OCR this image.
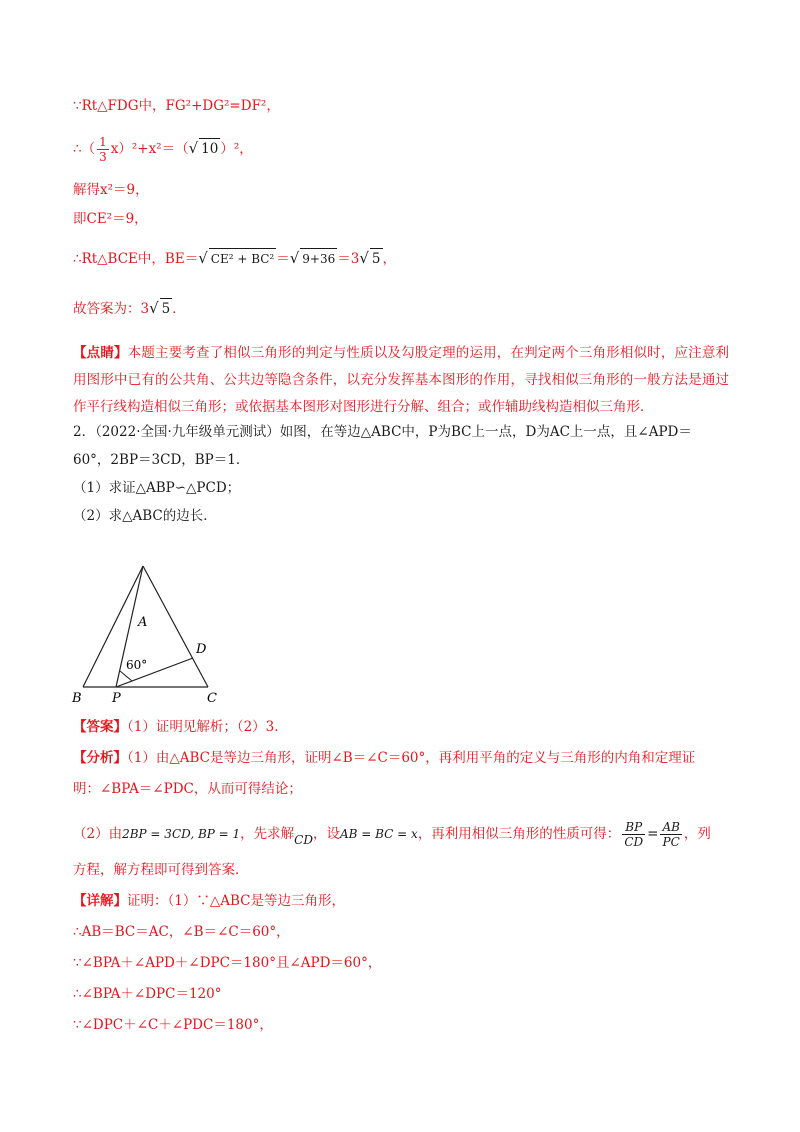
∵Rt△FDG中，FG²+DG²=DF²，
∴（ $\frac{1}{3} x)^2+x^2=(√$ 10 ）²，
解得x²＝9，
即CE²＝9，
∴Rt△BCE中，BE＝√ CE² + BC² ＝√ 9+36 ＝3√ 5 ，
故答案为：3√ 5 ．
【点睛】本题主要考查了相似三角形的判定与性质以及勾股定理的运用，在判定两个三角形相似时，应注意利用图形中已有的公共角、公共边等隐含条件，以充分发挥基本图形的作用，寻找相似三角形的一般方法是通过作平行线构造相似三角形；或依据基本图形对图形进行分解、组合；或作辅助线构造相似三角形．
2．（2022·全国·九年级单元测试）如图，在等边△ABC中，P为BC上一点，D为AC上一点，且∠APD＝
60°，2BP＝3CD，BP＝1．
（1）求证△ABP∽△PCD；
（2）求△ABC的边长．
A
B	C
P
D
60°
【答案】（1）证明见解析；（2）3.
【分析】（1）由△ABC是等边三角形，证明∠B＝∠C＝60°，再利用平角的定义与三角形的内角和定理证
明：∠BPA＝∠PDC，从而可得结论；
（2）由2BP = 3CD, BP = 1，先求解CD，设AB = BC = x，再利用相似三角形的性质可得： $\frac{BP}{CD} = \frac{AB}{PC}$ ，列
方程，解方程即可得到答案．
【详解】证明：（1）∵△ABC是等边三角形，
∴AB＝BC＝AC，∠B＝∠C＝60°，
∵∠BPA＋∠APD＋∠DPC＝180°且∠APD＝60°，
∴∠BPA＋∠DPC＝120°
∵∠DPC＋∠C＋∠PDC＝180°，
